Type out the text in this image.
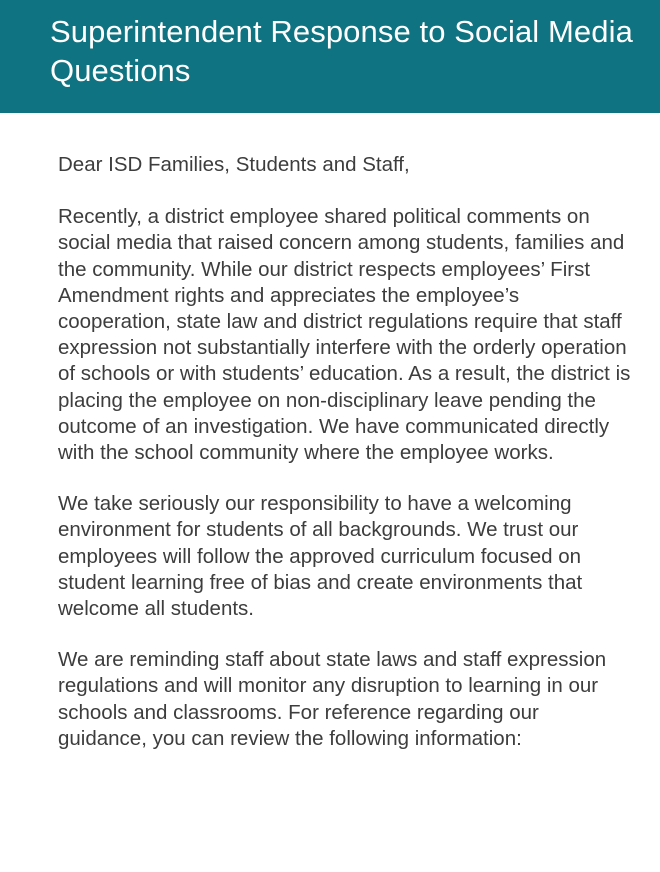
Superintendent Response to Social Media Questions

Dear ISD Families, Students and Staff,

Recently, a district employee shared political comments on social media that raised concern among students, families and the community. While our district respects employees’ First Amendment rights and appreciates the employee’s cooperation, state law and district regulations require that staff expression not substantially interfere with the orderly operation of schools or with students’ education. As a result, the district is placing the employee on non-disciplinary leave pending the outcome of an investigation. We have communicated directly with the school community where the employee works.

We take seriously our responsibility to have a welcoming environment for students of all backgrounds. We trust our employees will follow the approved curriculum focused on student learning free of bias and create environments that welcome all students.

We are reminding staff about state laws and staff expression regulations and will monitor any disruption to learning in our schools and classrooms. For reference regarding our guidance, you can review the following information:
